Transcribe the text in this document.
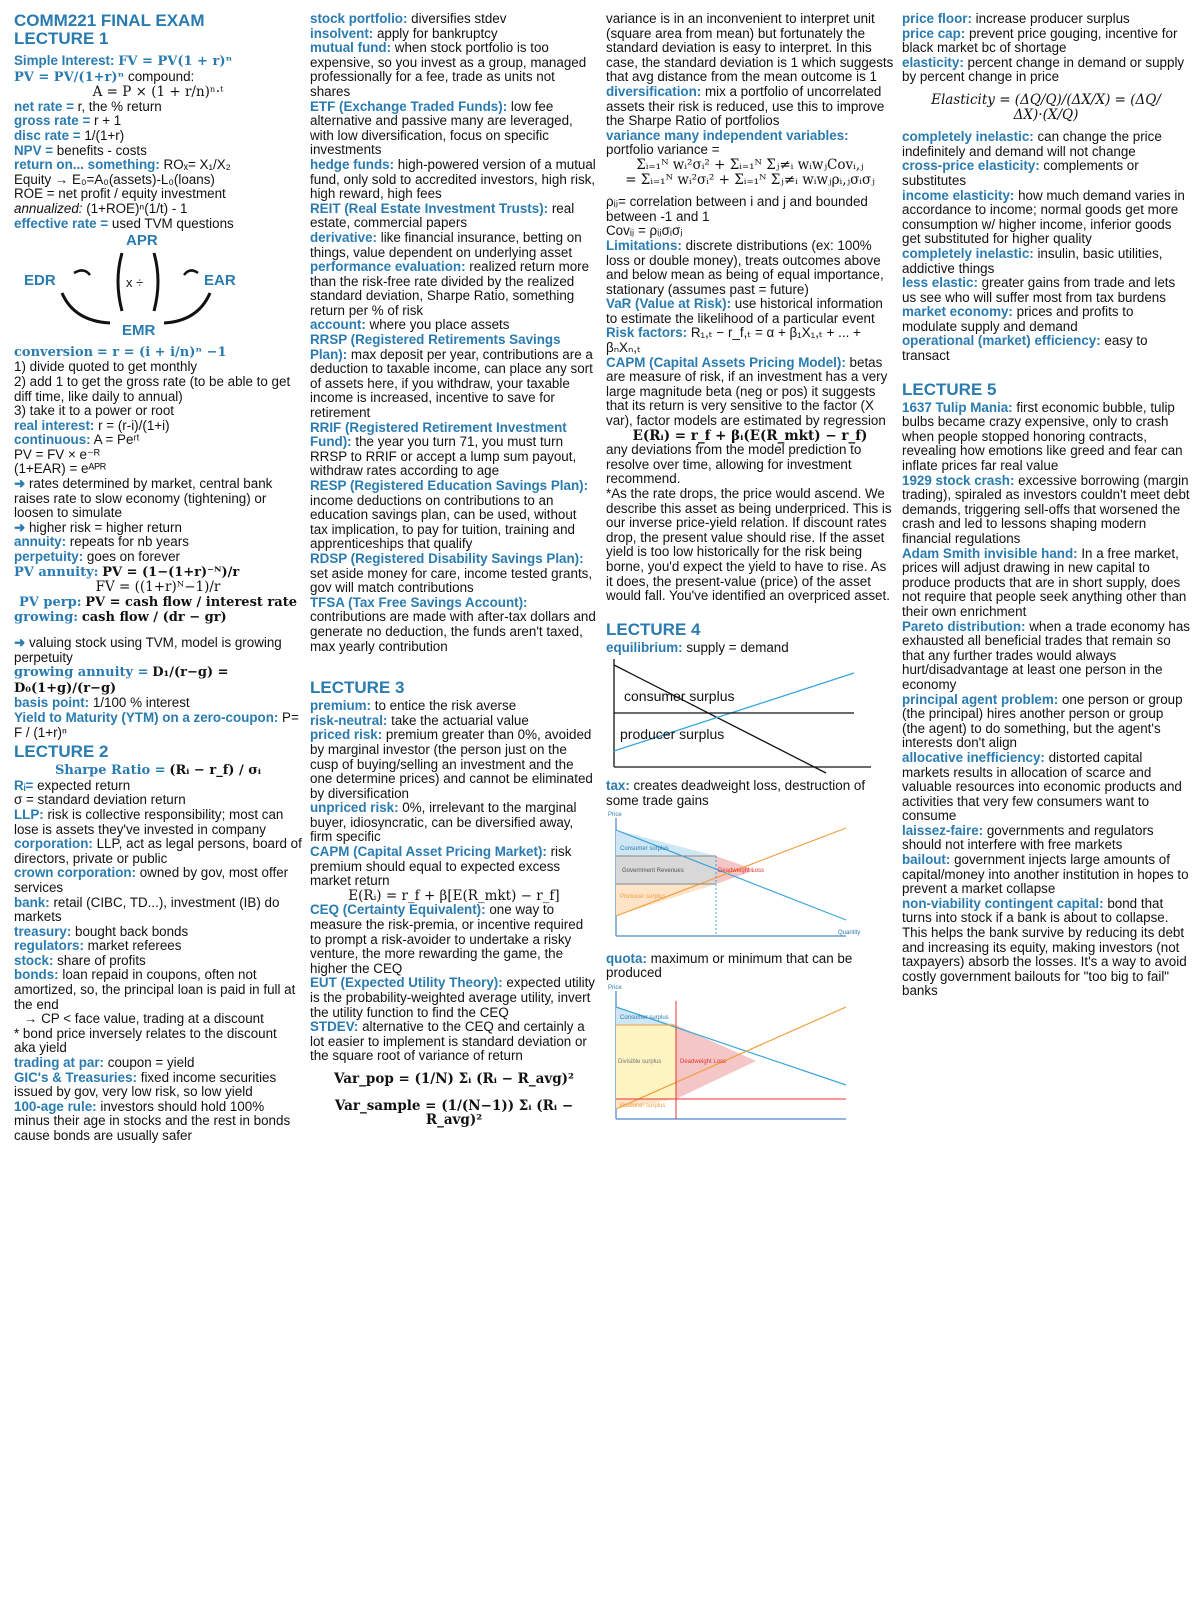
COMM221 FINAL EXAM
LECTURE 1

Simple Interest: FV = PV(1 + r)ⁿ

PV = PV/(1+r)ⁿ compound:

A = P × (1 + r/n)ⁿ·ᵗ

net rate = r, the % return

gross rate = r + 1

disc rate = 1/(1+r)

NPV = benefits - costs

return on... something: ROₓ= X₁/X₂

Equity → E₀=A₀(assets)-L₀(loans)

ROE = net profit / equity investment

annualized: (1+ROE)ⁿ(1/t) - 1

effective rate = used TVM questions

APR
EDR	EAR
EMR
x ÷

conversion = r = (i + i/n)ⁿ −1

1) divide quoted to get monthly

2) add 1 to get the gross rate (to be able to get diff time, like daily to annual)

3) take it to a power or root

real interest: r = (r-i)/(1+i)

continuous: A = Peʳᵗ

PV = FV × e⁻ᴿ

(1+EAR) = eᴬᴾᴿ

➜ rates determined by market, central bank raises rate to slow economy (tightening) or loosen to simulate

➜ higher risk = higher return

annuity: repeats for nb years

perpetuity: goes on forever

PV annuity: PV = (1−(1+r)⁻ᴺ)/r

FV = ((1+r)ᴺ−1)/r

PV perp: PV = cash flow / interest rate

growing: cash flow / (dr − gr)

➜ valuing stock using TVM, model is growing perpetuity

growing annuity = D₁/(r−g) = D₀(1+g)/(r−g)

basis point: 1/100 % interest

Yield to Maturity (YTM) on a zero-coupon: P= F / (1+r)ⁿ

LECTURE 2

Sharpe Ratio = (Rᵢ − r_f) / σᵢ

Rᵢ= expected return

σ = standard deviation return

LLP: risk is collective responsibility; most can lose is assets they've invested in company

corporation: LLP, act as legal persons, board of directors, private or public

crown corporation: owned by gov, most offer services

bank: retail (CIBC, TD...), investment (IB) do markets

treasury: bought back bonds

regulators: market referees

stock: share of profits

bonds: loan repaid in coupons, often not amortized, so, the principal loan is paid in full at the end

→ CP < face value, trading at a discount

* bond price inversely relates to the discount aka yield

trading at par: coupon = yield

GIC's & Treasuries: fixed income securities issued by gov, very low risk, so low yield

100-age rule: investors should hold 100% minus their age in stocks and the rest in bonds cause bonds are usually safer

stock portfolio: diversifies stdev

insolvent: apply for bankruptcy

mutual fund: when stock portfolio is too expensive, so you invest as a group, managed professionally for a fee, trade as units not shares

ETF (Exchange Traded Funds): low fee alternative and passive many are leveraged, with low diversification, focus on specific investments

hedge funds: high-powered version of a mutual fund, only sold to accredited investors, high risk, high reward, high fees

REIT (Real Estate Investment Trusts): real estate, commercial papers

derivative: like financial insurance, betting on things, value dependent on underlying asset

performance evaluation: realized return more than the risk-free rate divided by the realized standard deviation, Sharpe Ratio, something return per % of risk

account: where you place assets

RRSP (Registered Retirements Savings Plan): max deposit per year, contributions are a deduction to taxable income, can place any sort of assets here, if you withdraw, your taxable income is increased, incentive to save for retirement

RRIF (Registered Retirement Investment Fund): the year you turn 71, you must turn RRSP to RRIF or accept a lump sum payout, withdraw rates according to age

RESP (Registered Education Savings Plan): income deductions on contributions to an education savings plan, can be used, without tax implication, to pay for tuition, training and apprenticeships that qualify

RDSP (Registered Disability Savings Plan): set aside money for care, income tested grants, gov will match contributions

TFSA (Tax Free Savings Account): contributions are made with after-tax dollars and generate no deduction, the funds aren't taxed, max yearly contribution

LECTURE 3

premium: to entice the risk averse

risk-neutral: take the actuarial value

priced risk: premium greater than 0%, avoided by marginal investor (the person just on the cusp of buying/selling an investment and the one determine prices) and cannot be eliminated by diversification

unpriced risk: 0%, irrelevant to the marginal buyer, idiosyncratic, can be diversified away, firm specific

CAPM (Capital Asset Pricing Market): risk premium should equal to expected excess market return

E(Rᵢ) = r_f + β[E(R_mkt) − r_f]

CEQ (Certainty Equivalent): one way to measure the risk-premia, or incentive required to prompt a risk-avoider to undertake a risky venture, the more rewarding the game, the higher the CEQ

EUT (Expected Utility Theory): expected utility is the probability-weighted average utility, invert the utility function to find the CEQ

STDEV: alternative to the CEQ and certainly a lot easier to implement is standard deviation or the square root of variance of return

Var_pop = (1/N) Σᵢ (Rᵢ − R_avg)²

Var_sample = (1/(N−1)) Σᵢ (Rᵢ − R_avg)²

variance is in an inconvenient to interpret unit (square area from mean) but fortunately the standard deviation is easy to interpret. In this case, the standard deviation is 1 which suggests that avg distance from the mean outcome is 1

diversification: mix a portfolio of uncorrelated assets their risk is reduced, use this to improve the Sharpe Ratio of portfolios

variance many independent variables: portfolio variance =

Σᵢ₌₁ᴺ wᵢ²σᵢ² + Σᵢ₌₁ᴺ Σⱼ≠ᵢ wᵢwⱼCovᵢ,ⱼ

= Σᵢ₌₁ᴺ wᵢ²σᵢ² + Σᵢ₌₁ᴺ Σⱼ≠ᵢ wᵢwⱼρᵢ,ⱼσᵢσⱼ

ρᵢⱼ= correlation between i and j and bounded between -1 and 1

Covᵢⱼ = ρᵢⱼσᵢσⱼ

Limitations: discrete distributions (ex: 100% loss or double money), treats outcomes above and below mean as being of equal importance, stationary (assumes past = future)

VaR (Value at Risk): use historical information to estimate the likelihood of a particular event

Risk factors: R₁,ₜ − r_f,ₜ = α + β₁X₁,ₜ + ... + βₙXₙ,ₜ

CAPM (Capital Assets Pricing Model): betas are measure of risk, if an investment has a very large magnitude beta (neg or pos) it suggests that its return is very sensitive to the factor (X var), factor models are estimated by regression

E(Rᵢ) = r_f + βᵢ(E(R_mkt) − r_f)

any deviations from the model prediction to resolve over time, allowing for investment recommend.

*As the rate drops, the price would ascend. We describe this asset as being underpriced. This is our inverse price-yield relation. If discount rates drop, the present value should rise. If the asset yield is too low historically for the risk being borne, you'd expect the yield to have to rise. As it does, the present-value (price) of the asset would fall. You've identified an overpriced asset.

LECTURE 4

equilibrium: supply = demand

consumer surplus
producer surplus

tax: creates deadweight loss, destruction of some trade gains

Price
Quantity
Consumer surplus
Government Revenues	Deadweight Loss
Producer surplus

quota: maximum or minimum that can be produced

Price
Consumer surplus
Divisible surplus	Deadweight Loss
Producer surplus

price floor: increase producer surplus

price cap: prevent price gouging, incentive for black market bc of shortage

elasticity: percent change in demand or supply by percent change in price

Elasticity = (ΔQ/Q)/(ΔX/X) = (ΔQ/ΔX)·(X/Q)

completely inelastic: can change the price indefinitely and demand will not change

cross-price elasticity: complements or substitutes

income elasticity: how much demand varies in accordance to income; normal goods get more consumption w/ higher income, inferior goods get substituted for higher quality

completely inelastic: insulin, basic utilities, addictive things

less elastic: greater gains from trade and lets us see who will suffer most from tax burdens

market economy: prices and profits to modulate supply and demand

operational (market) efficiency: easy to transact

LECTURE 5

1637 Tulip Mania: first economic bubble, tulip bulbs became crazy expensive, only to crash when people stopped honoring contracts, revealing how emotions like greed and fear can inflate prices far real value

1929 stock crash: excessive borrowing (margin trading), spiraled as investors couldn't meet debt demands, triggering sell-offs that worsened the crash and led to lessons shaping modern financial regulations

Adam Smith invisible hand: In a free market, prices will adjust drawing in new capital to produce products that are in short supply, does not require that people seek anything other than their own enrichment

Pareto distribution: when a trade economy has exhausted all beneficial trades that remain so that any further trades would always hurt/disadvantage at least one person in the economy

principal agent problem: one person or group (the principal) hires another person or group (the agent) to do something, but the agent's interests don't align

allocative inefficiency: distorted capital markets results in allocation of scarce and valuable resources into economic products and activities that very few consumers want to consume

laissez-faire: governments and regulators should not interfere with free markets

bailout: government injects large amounts of capital/money into another institution in hopes to prevent a market collapse

non-viability contingent capital: bond that turns into stock if a bank is about to collapse. This helps the bank survive by reducing its debt and increasing its equity, making investors (not taxpayers) absorb the losses. It's a way to avoid costly government bailouts for "too big to fail" banks
